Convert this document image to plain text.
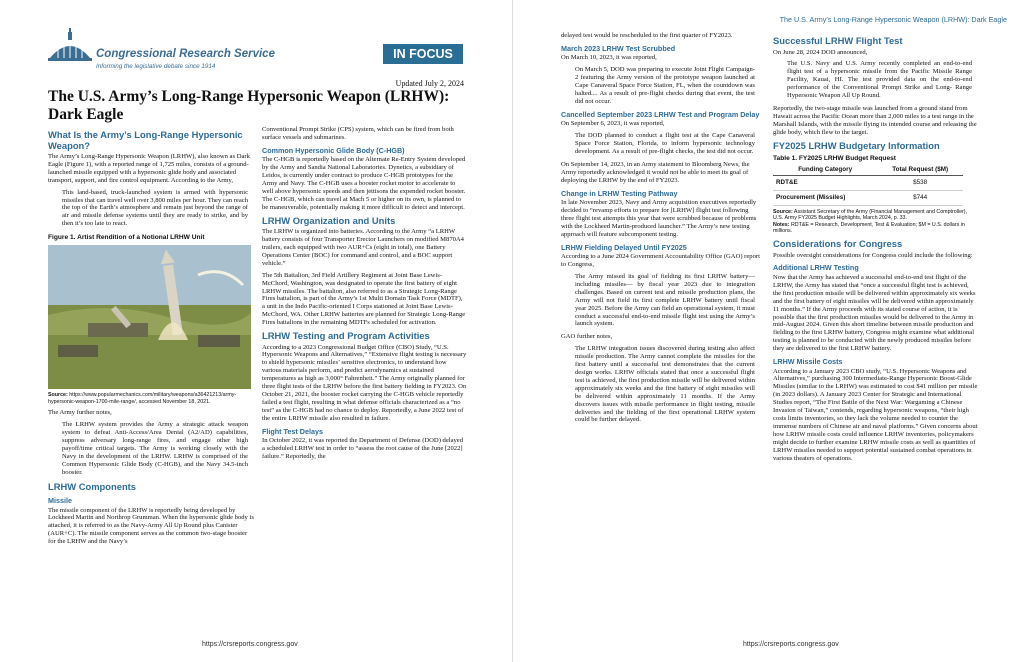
Congressional Research Service
Informing the legislative debate since 1914
IN FOCUS
Updated July 2, 2024
The U.S. Army’s Long-Range Hypersonic Weapon (LRHW): Dark Eagle
What Is the Army’s Long-Range Hypersonic Weapon?

The Army’s Long-Range Hypersonic Weapon (LRHW), also known as Dark Eagle (Figure 1), with a reported range of 1,725 miles, consists of a ground-launched missile equipped with a hypersonic glide body and associated transport, support, and fire control equipment. According to the Army,

This land-based, truck-launched system is armed with hypersonic missiles that can travel well over 3,800 miles per hour. They can reach the top of the Earth’s atmosphere and remain just beyond the range of air and missile defense systems until they are ready to strike, and by then it’s too late to react.

Figure 1. Artist Rendition of a Notional LRHW Unit
Source: https://www.popularmechanics.com/military/weapons/a36421213/army-hypersonic-weapon-1700-mile-range/, accessed November 18, 2021.

The Army further notes,

The LRHW system provides the Army a strategic attack weapon system to defeat Anti-Access/Area Denial (A2/AD) capabilities, suppress adversary long-range fires, and engage other high payoff/time critical targets. The Army is working closely with the Navy in the development of the LRHW. LRHW is comprised of the Common Hypersonic Glide Body (C-HGB), and the Navy 34.5-inch booster.

LRHW Components
Missile

The missile component of the LRHW is reportedly being developed by Lockheed Martin and Northrop Grumman. When the hypersonic glide body is attached, it is referred to as the Navy-Army All Up Round plus Canister (AUR+C). The missile component serves as the common two-stage booster for the LRHW and the Navy’s

Conventional Prompt Strike (CPS) system, which can be fired from both surface vessels and submarines.

Common Hypersonic Glide Body (C-HGB)

The C-HGB is reportedly based on the Alternate Re-Entry System developed by the Army and Sandia National Laboratories. Dynetics, a subsidiary of Leidos, is currently under contract to produce C-HGB prototypes for the Army and Navy. The C-HGB uses a booster rocket motor to accelerate to well above hypersonic speeds and then jettisons the expended rocket booster. The C-HGB, which can travel at Mach 5 or higher on its own, is planned to be maneuverable, potentially making it more difficult to detect and intercept.

LRHW Organization and Units

The LRHW is organized into batteries. According to the Army “a LRHW battery consists of four Transporter Erector Launchers on modified M870A4 trailers, each equipped with two AUR+Cs (eight in total), one Battery Operations Center (BOC) for command and control, and a BOC support vehicle.”

The 5th Battalion, 3rd Field Artillery Regiment at Joint Base Lewis-McChord, Washington, was designated to operate the first battery of eight LRHW missiles. The battalion, also referred to as a Strategic Long-Range Fires battalion, is part of the Army’s 1st Multi Domain Task Force (MDTF), a unit in the Indo Pacific-oriented I Corps stationed at Joint Base Lewis-McChord, WA. Other LRHW batteries are planned for Strategic Long-Range Fires battalions in the remaining MDTFs scheduled for activation.

LRHW Testing and Program Activities

According to a 2023 Congressional Budget Office (CBO) Study, “U.S. Hypersonic Weapons and Alternatives,” “Extensive flight testing is necessary to shield hypersonic missiles’ sensitive electronics, to understand how various materials perform, and predict aerodynamics at sustained temperatures as high as 3,000° Fahrenheit.” The Army originally planned for three flight tests of the LRHW before the first battery fielding in FY2023. On October 21, 2021, the booster rocket carrying the C-HGB vehicle reportedly failed a test flight, resulting in what defense officials characterized as a “no test” as the C-HGB had no chance to deploy. Reportedly, a June 2022 test of the entire LRHW missile also resulted in failure.

Flight Test Delays

In October 2022, it was reported the Department of Defense (DOD) delayed a scheduled LRHW test in order to “assess the root cause of the June [2022] failure.” Reportedly, the

https://crsreports.congress.gov
The U.S. Army’s Long-Range Hypersonic Weapon (LRHW): Dark Eagle

delayed test would be rescheduled to the first quarter of FY2023.

March 2023 LRHW Test Scrubbed

On March 10, 2023, it was reported,

On March 5, DOD was preparing to execute Joint Flight Campaign-2 featuring the Army version of the prototype weapon launched at Cape Canaveral Space Force Station, FL, when the countdown was halted.... As a result of pre-flight checks during that event, the test did not occur.

Cancelled September 2023 LRHW Test and Program Delay

On September 6, 2023, it was reported,

The DOD planned to conduct a flight test at the Cape Canaveral Space Force Station, Florida, to inform hypersonic technology development. As a result of pre-flight checks, the test did not occur.

On September 14, 2023, in an Army statement to Bloomberg News, the Army reportedly acknowledged it would not be able to meet its goal of deploying the LRHW by the end of FY2023.

Change in LRHW Testing Pathway

In late November 2023, Navy and Army acquisition executives reportedly decided to “revamp efforts to prepare for [LRHW] flight test following three flight test attempts this year that were scrubbed because of problems with the Lockheed Martin-produced launcher.” The Army’s new testing approach will feature subcomponent testing.

LRHW Fielding Delayed Until FY2025

According to a June 2024 Government Accountability Office (GAO) report to Congress,

The Army missed its goal of fielding its first LRHW battery—including missiles— by fiscal year 2023 due to integration challenges. Based on current test and missile production plans, the Army will not field its first complete LRHW battery until fiscal year 2025. Before the Army can field an operational system, it must conduct a successful end-to-end missile flight test using the Army’s launch system.

GAO further notes,

The LRHW integration issues discovered during testing also affect missile production. The Army cannot complete the missiles for the first battery until a successful test demonstrates that the current design works. LRHW officials stated that once a successful flight test is achieved, the first production missile will be delivered within approximately six weeks and the first battery of eight missiles will be delivered within approximately 11 months. If the Army discovers issues with missile performance in flight testing, missile deliveries and the fielding of the first operational LRHW system could be further delayed.

Successful LRHW Flight Test

On June 28, 2024 DOD announced,

The U.S. Navy and U.S. Army recently completed an end-to-end flight test of a hypersonic missile from the Pacific Missile Range Facility, Kauai, HI. The test provided data on the end-to-end performance of the Conventional Prompt Strike and Long- Range Hypersonic Weapon All Up Round.

Reportedly, the two-stage missile was launched from a ground stand from Hawaii across the Pacific Ocean more than 2,000 miles to a test range in the Marshall Islands, with the missile flying its intended course and releasing the glide body, which flew to the target.

FY2025 LRHW Budgetary Information
Table 1. FY2025 LRHW Budget Request
Funding Category	Total Request ($M)
RDT&E	$538
Procurement (Missiles)	$744
Source: Assistant Secretary of the Army (Financial Management and Comptroller), U.S. Army FY2025 Budget Highlights, March 2024, p. 33.
Notes: RDT&E = Research, Development, Test & Evaluation; $M = U.S. dollars in millions.
Considerations for Congress

Possible oversight considerations for Congress could include the following:

Additional LRHW Testing

Now that the Army has achieved a successful end-to-end test flight of the LRHW, the Army has stated that “once a successful flight test is achieved, the first production missile will be delivered within approximately six weeks and the first battery of eight missiles will be delivered within approximately 11 months.” If the Army proceeds with its stated course of action, it is possible that the first production missiles would be delivered to the Army in mid-August 2024. Given this short timeline between missile production and fielding to the first LRHW battery, Congress might examine what additional testing is planned to be conducted with the newly produced missiles before they are delivered to the first LRHW battery.

LRHW Missile Costs

According to a January 2023 CBO study, “U.S. Hypersonic Weapons and Alternatives,” purchasing 300 Intermediate-Range Hypersonic Boost-Glide Missiles (similar to the LRHW) was estimated to cost $41 million per missile (in 2023 dollars). A January 2023 Center for Strategic and International Studies report, “The First Battle of the Next War: Wargaming a Chinese Invasion of Taiwan,” contends, regarding hypersonic weapons, “their high costs limits inventories, so they lack the volume needed to counter the immense numbers of Chinese air and naval platforms.” Given concerns about how LRHW missile costs could influence LRHW inventories, policymakers might decide to further examine LRHW missile costs as well as quantities of LRHW missiles needed to support potential sustained combat operations in various theaters of operations.

https://crsreports.congress.gov
